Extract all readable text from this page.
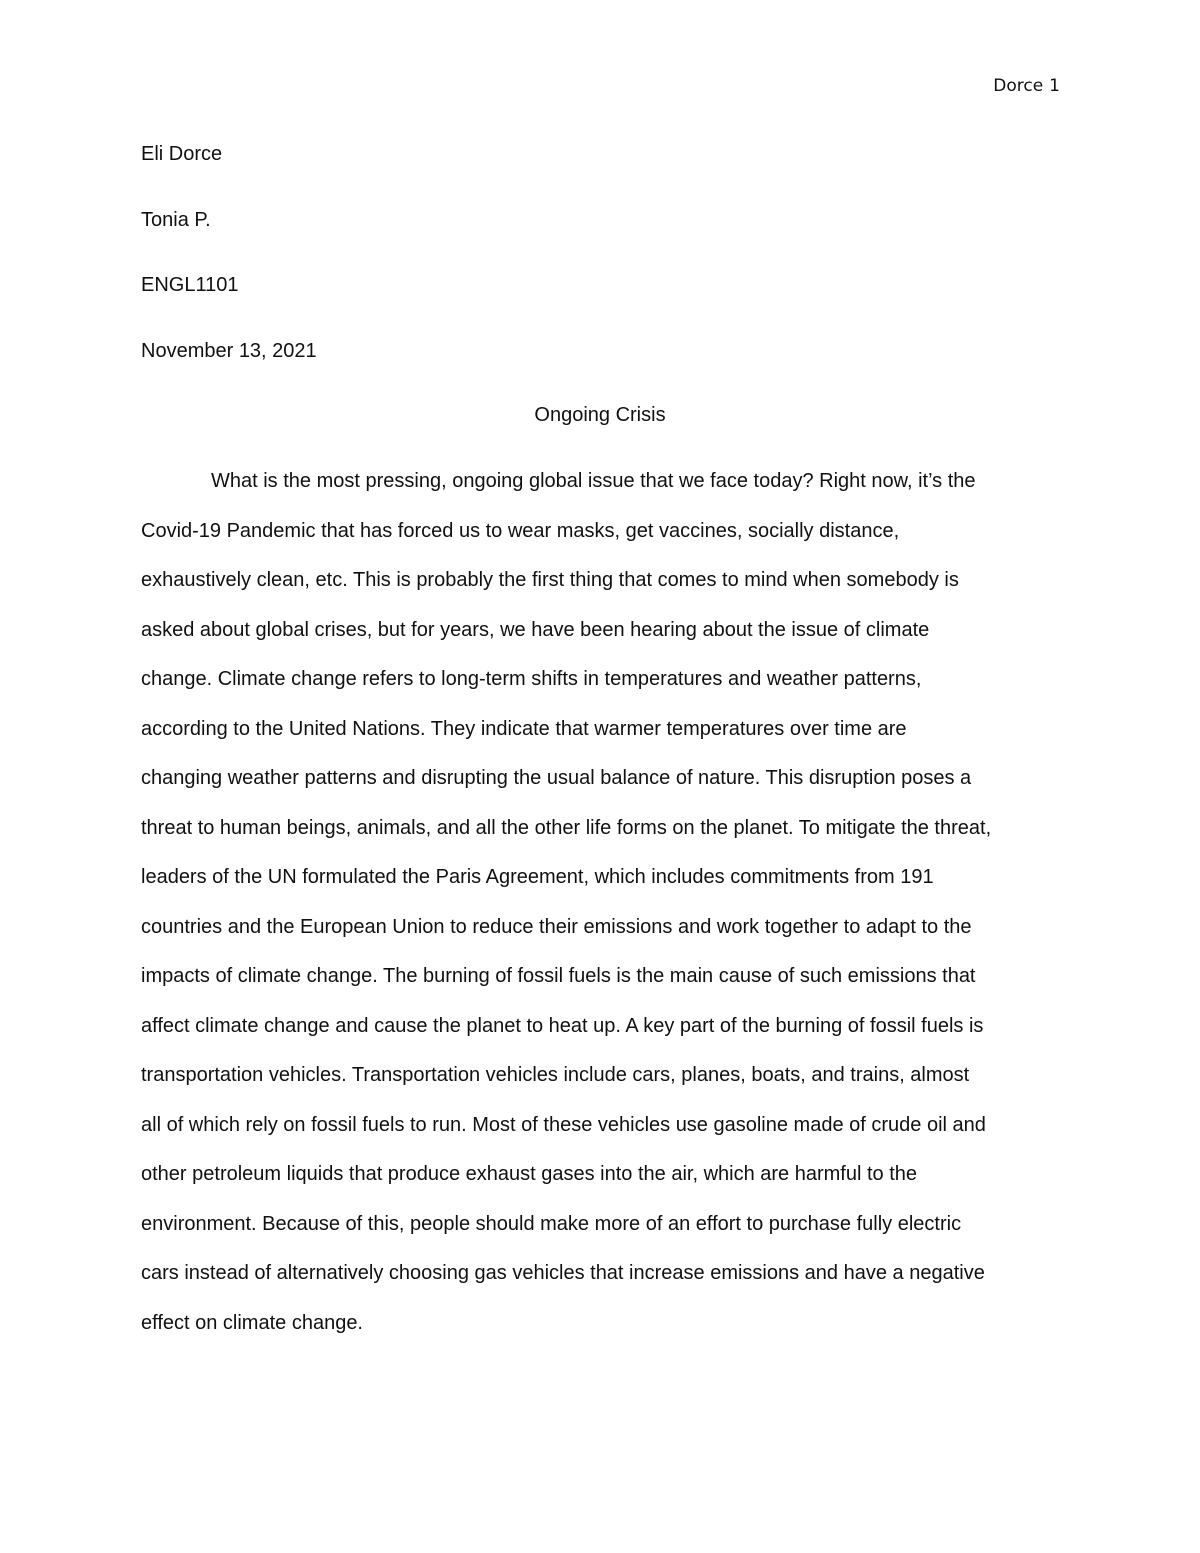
Dorce 1
Eli Dorce
Tonia P.
ENGL1101
November 13, 2021
Ongoing Crisis

What is the most pressing, ongoing global issue that we face today? Right now, it’s the
Covid-19 Pandemic that has forced us to wear masks, get vaccines, socially distance,
exhaustively clean, etc. This is probably the first thing that comes to mind when somebody is
asked about global crises, but for years, we have been hearing about the issue of climate
change. Climate change refers to long-term shifts in temperatures and weather patterns,
according to the United Nations. They indicate that warmer temperatures over time are
changing weather patterns and disrupting the usual balance of nature. This disruption poses a
threat to human beings, animals, and all the other life forms on the planet. To mitigate the threat,
leaders of the UN formulated the Paris Agreement, which includes commitments from 191
countries and the European Union to reduce their emissions and work together to adapt to the
impacts of climate change. The burning of fossil fuels is the main cause of such emissions that
affect climate change and cause the planet to heat up. A key part of the burning of fossil fuels is
transportation vehicles. Transportation vehicles include cars, planes, boats, and trains, almost
all of which rely on fossil fuels to run. Most of these vehicles use gasoline made of crude oil and
other petroleum liquids that produce exhaust gases into the air, which are harmful to the
environment. Because of this, people should make more of an effort to purchase fully electric
cars instead of alternatively choosing gas vehicles that increase emissions and have a negative
effect on climate change.
